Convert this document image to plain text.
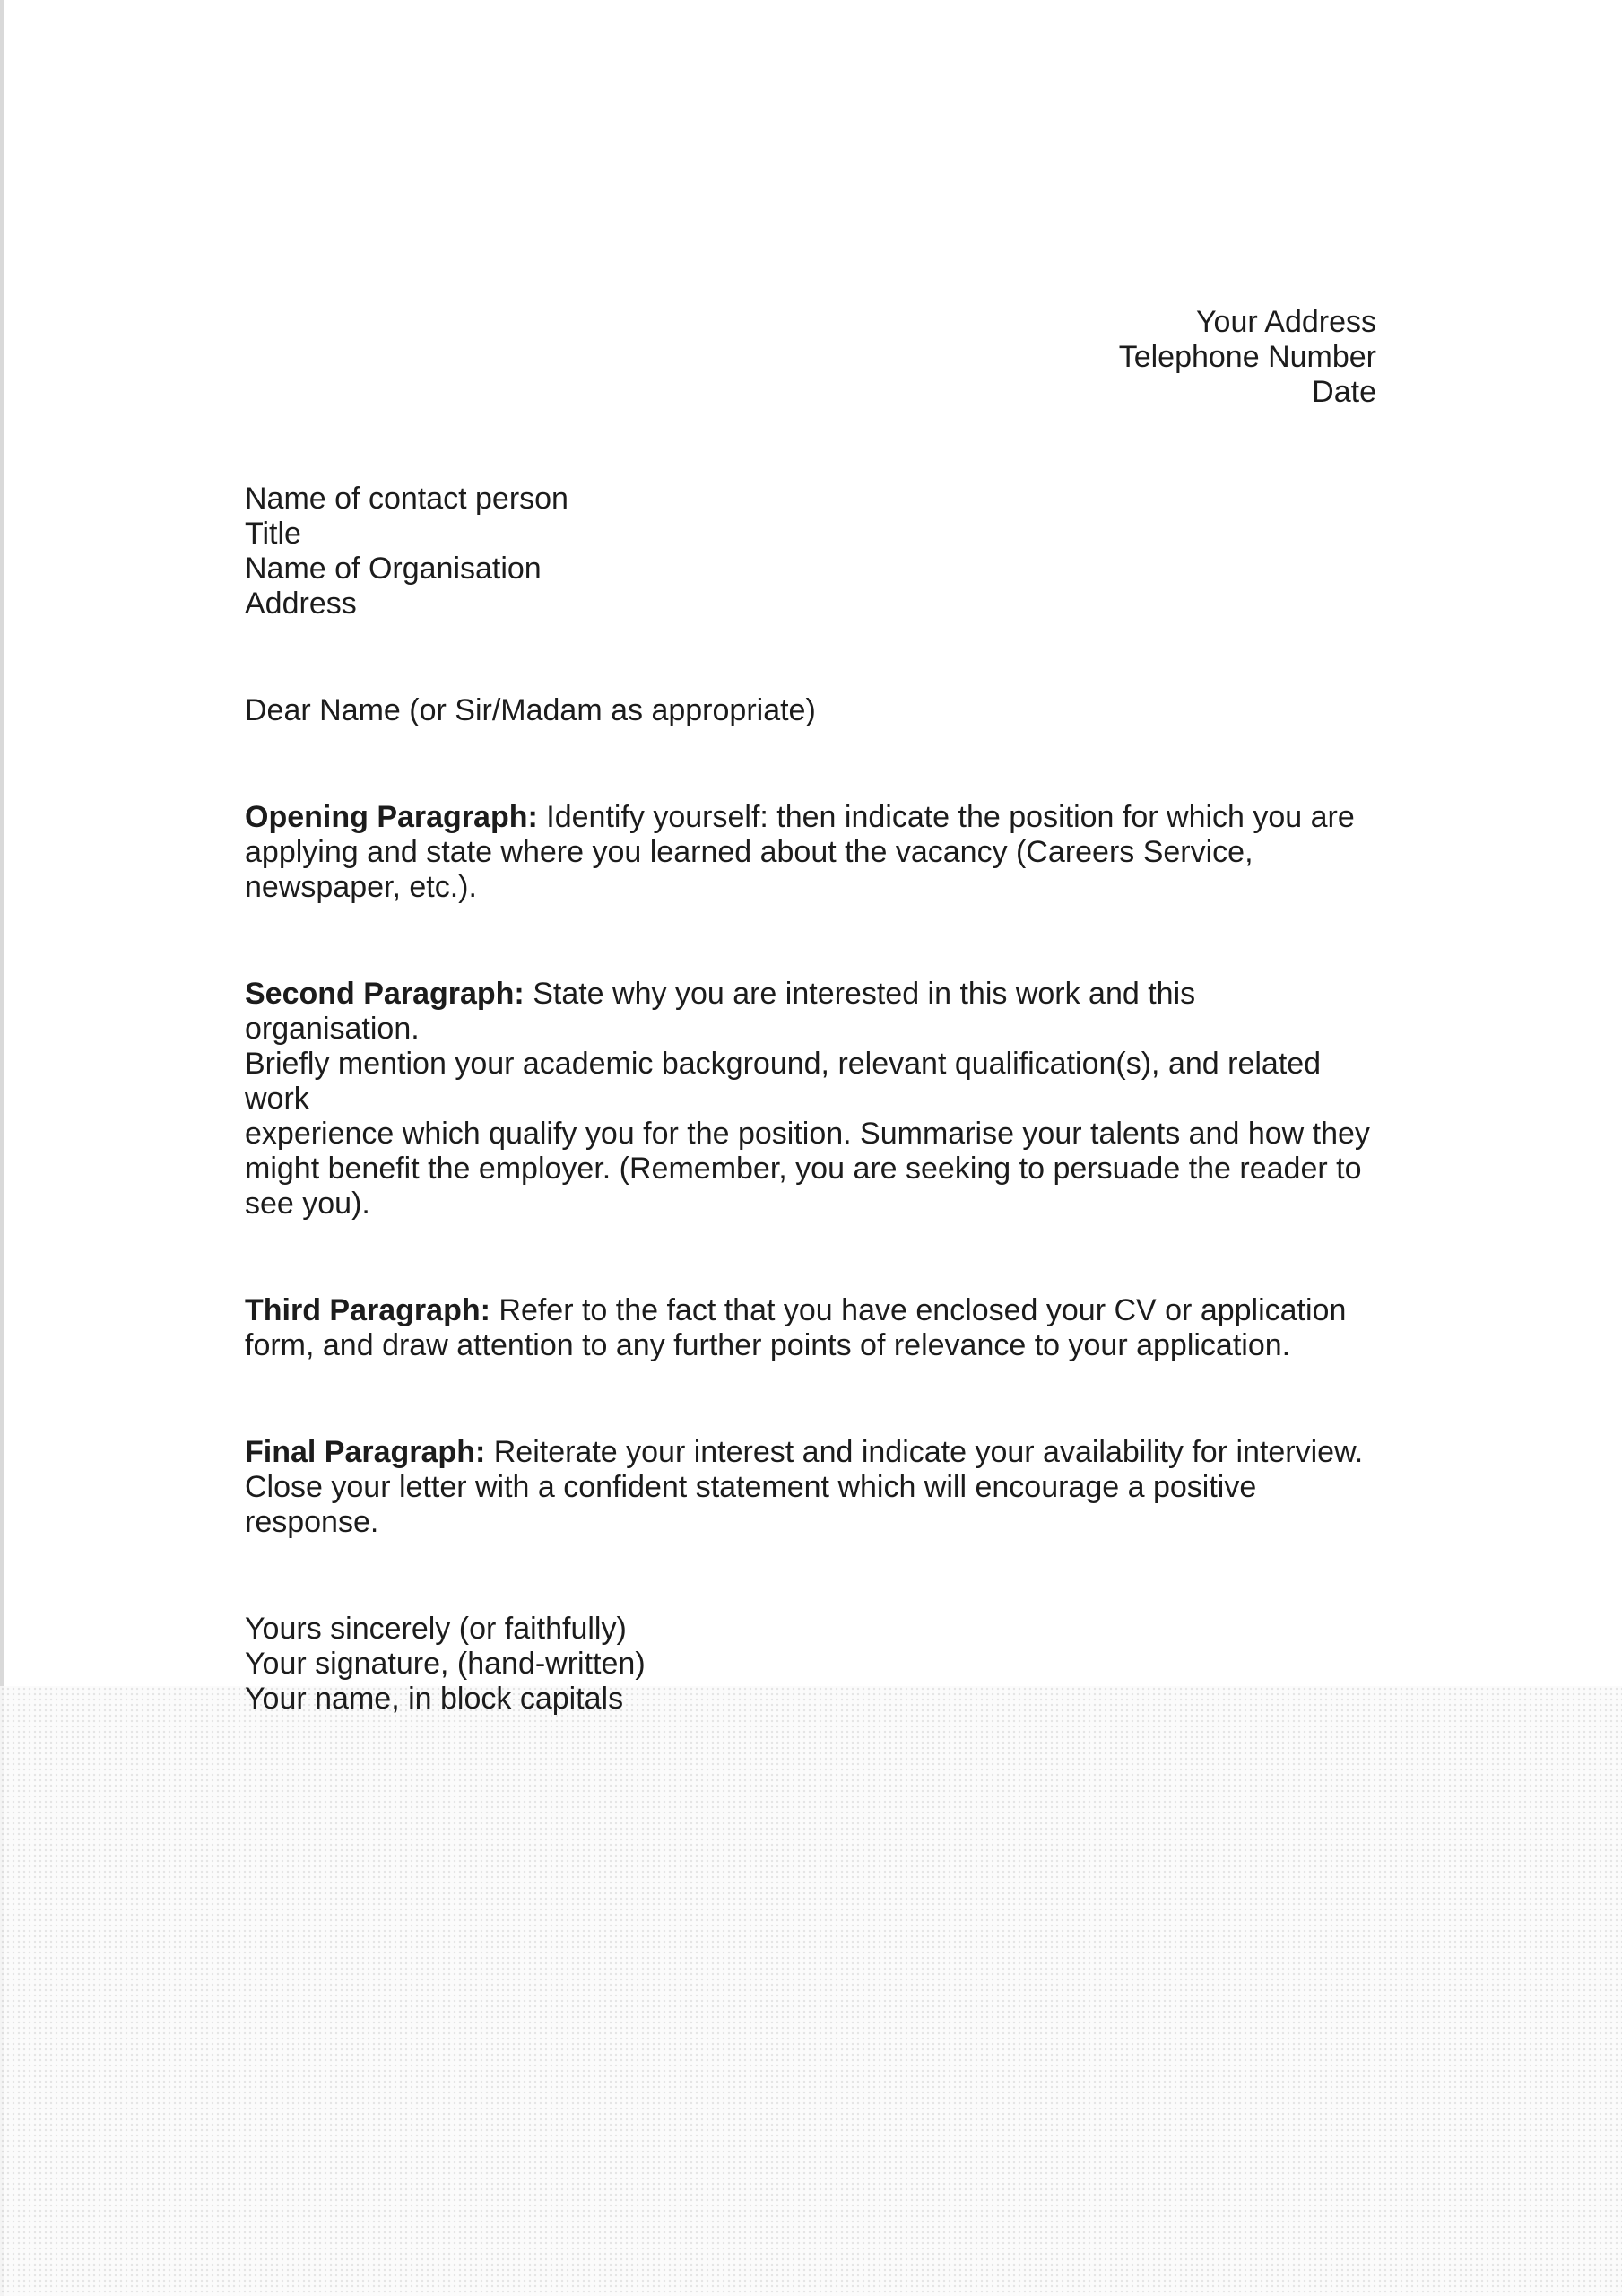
Your Address
Telephone Number
Date
Name of contact person
Title
Name of Organisation
Address
Dear Name (or Sir/Madam as appropriate)

Opening Paragraph: Identify yourself: then indicate the position for which you are
applying and state where you learned about the vacancy (Careers Service,
newspaper, etc.).

Second Paragraph: State why you are interested in this work and this organisation.
Briefly mention your academic background, relevant qualification(s), and related work
experience which qualify you for the position. Summarise your talents and how they
might benefit the employer. (Remember, you are seeking to persuade the reader to
see you).

Third Paragraph: Refer to the fact that you have enclosed your CV or application
form, and draw attention to any further points of relevance to your application.

Final Paragraph: Reiterate your interest and indicate your availability for interview.
Close your letter with a confident statement which will encourage a positive
response.

Yours sincerely (or faithfully)
Your signature, (hand-written)
Your name, in block capitals
